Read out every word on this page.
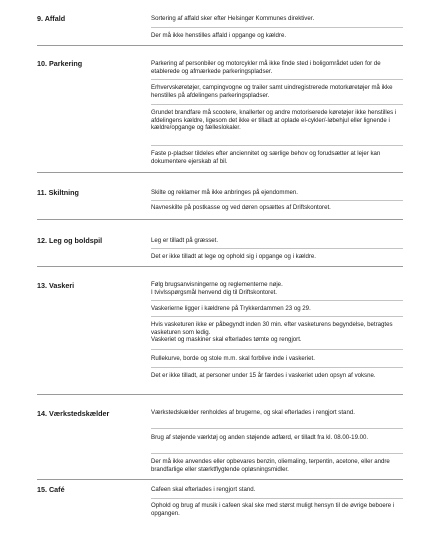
9. Affald	Sortering af affald sker efter Helsingør Kommunes direktiver.
Der må ikke henstilles affald i opgange og kældre.
10. Parkering	Parkering af personbiler og motorcykler må ikke finde sted i boligområdet uden for de etablerede og afmærkede parkeringspladser.
Erhvervskøretøjer, campingvogne og trailer samt uindregistrerede motorkøretøjer må ikke henstilles på afdelingens parkeringspladser.
Grundet brandfare må scootere, knallerter og andre motoriserede køretøjer ikke henstilles i afdelingens kældre, ligesom det ikke er tilladt at oplade el-cykler/-løbehjul eller lignende i kældre/opgange og fælleslokaler.
Faste p-pladser tildeles efter anciennitet og særlige behov og forudsætter at lejer kan dokumentere ejerskab af bil.
11. Skiltning	Skilte og reklamer må ikke anbringes på ejendommen.
Navneskilte på postkasse og ved døren opsættes af Driftskontoret.
12. Leg og boldspil	Leg er tilladt på græsset.
Det er ikke tilladt at lege og ophold sig i opgange og i kældre.
13. Vaskeri	Følg brugsanvisningerne og reglementerne nøje.
I tvivlsspørgsmål henvend dig til Driftskontoret.
Vaskerierne ligger i kældrene på Trykkerdammen 23 og 29.
Hvis vasketuren ikke er påbegyndt inden 30 min. efter vasketurens begyndelse, betragtes vasketuren som ledig.
Vaskeriet og maskiner skal efterlades tømte og rengjort.
Rullekurve, borde og stole m.m. skal forblive inde i vaskeriet.
Det er ikke tilladt, at personer under 15 år færdes i vaskeriet uden opsyn af voksne.
14. Værkstedskælder	Værkstedskælder renholdes af brugerne, og skal efterlades i rengjort stand.
Brug af støjende værktøj og anden støjende adfærd, er tilladt fra kl. 08.00-19.00.
Der må ikke anvendes eller opbevares benzin, oliemaling, terpentin, acetone, eller andre brandfarlige eller stærktflygtende opløsningsmidler.
15. Café	Cafeen skal efterlades i rengjort stand.
Ophold og brug af musik i cafeen skal ske med størst muligt hensyn til de øvrige beboere i opgangen.
